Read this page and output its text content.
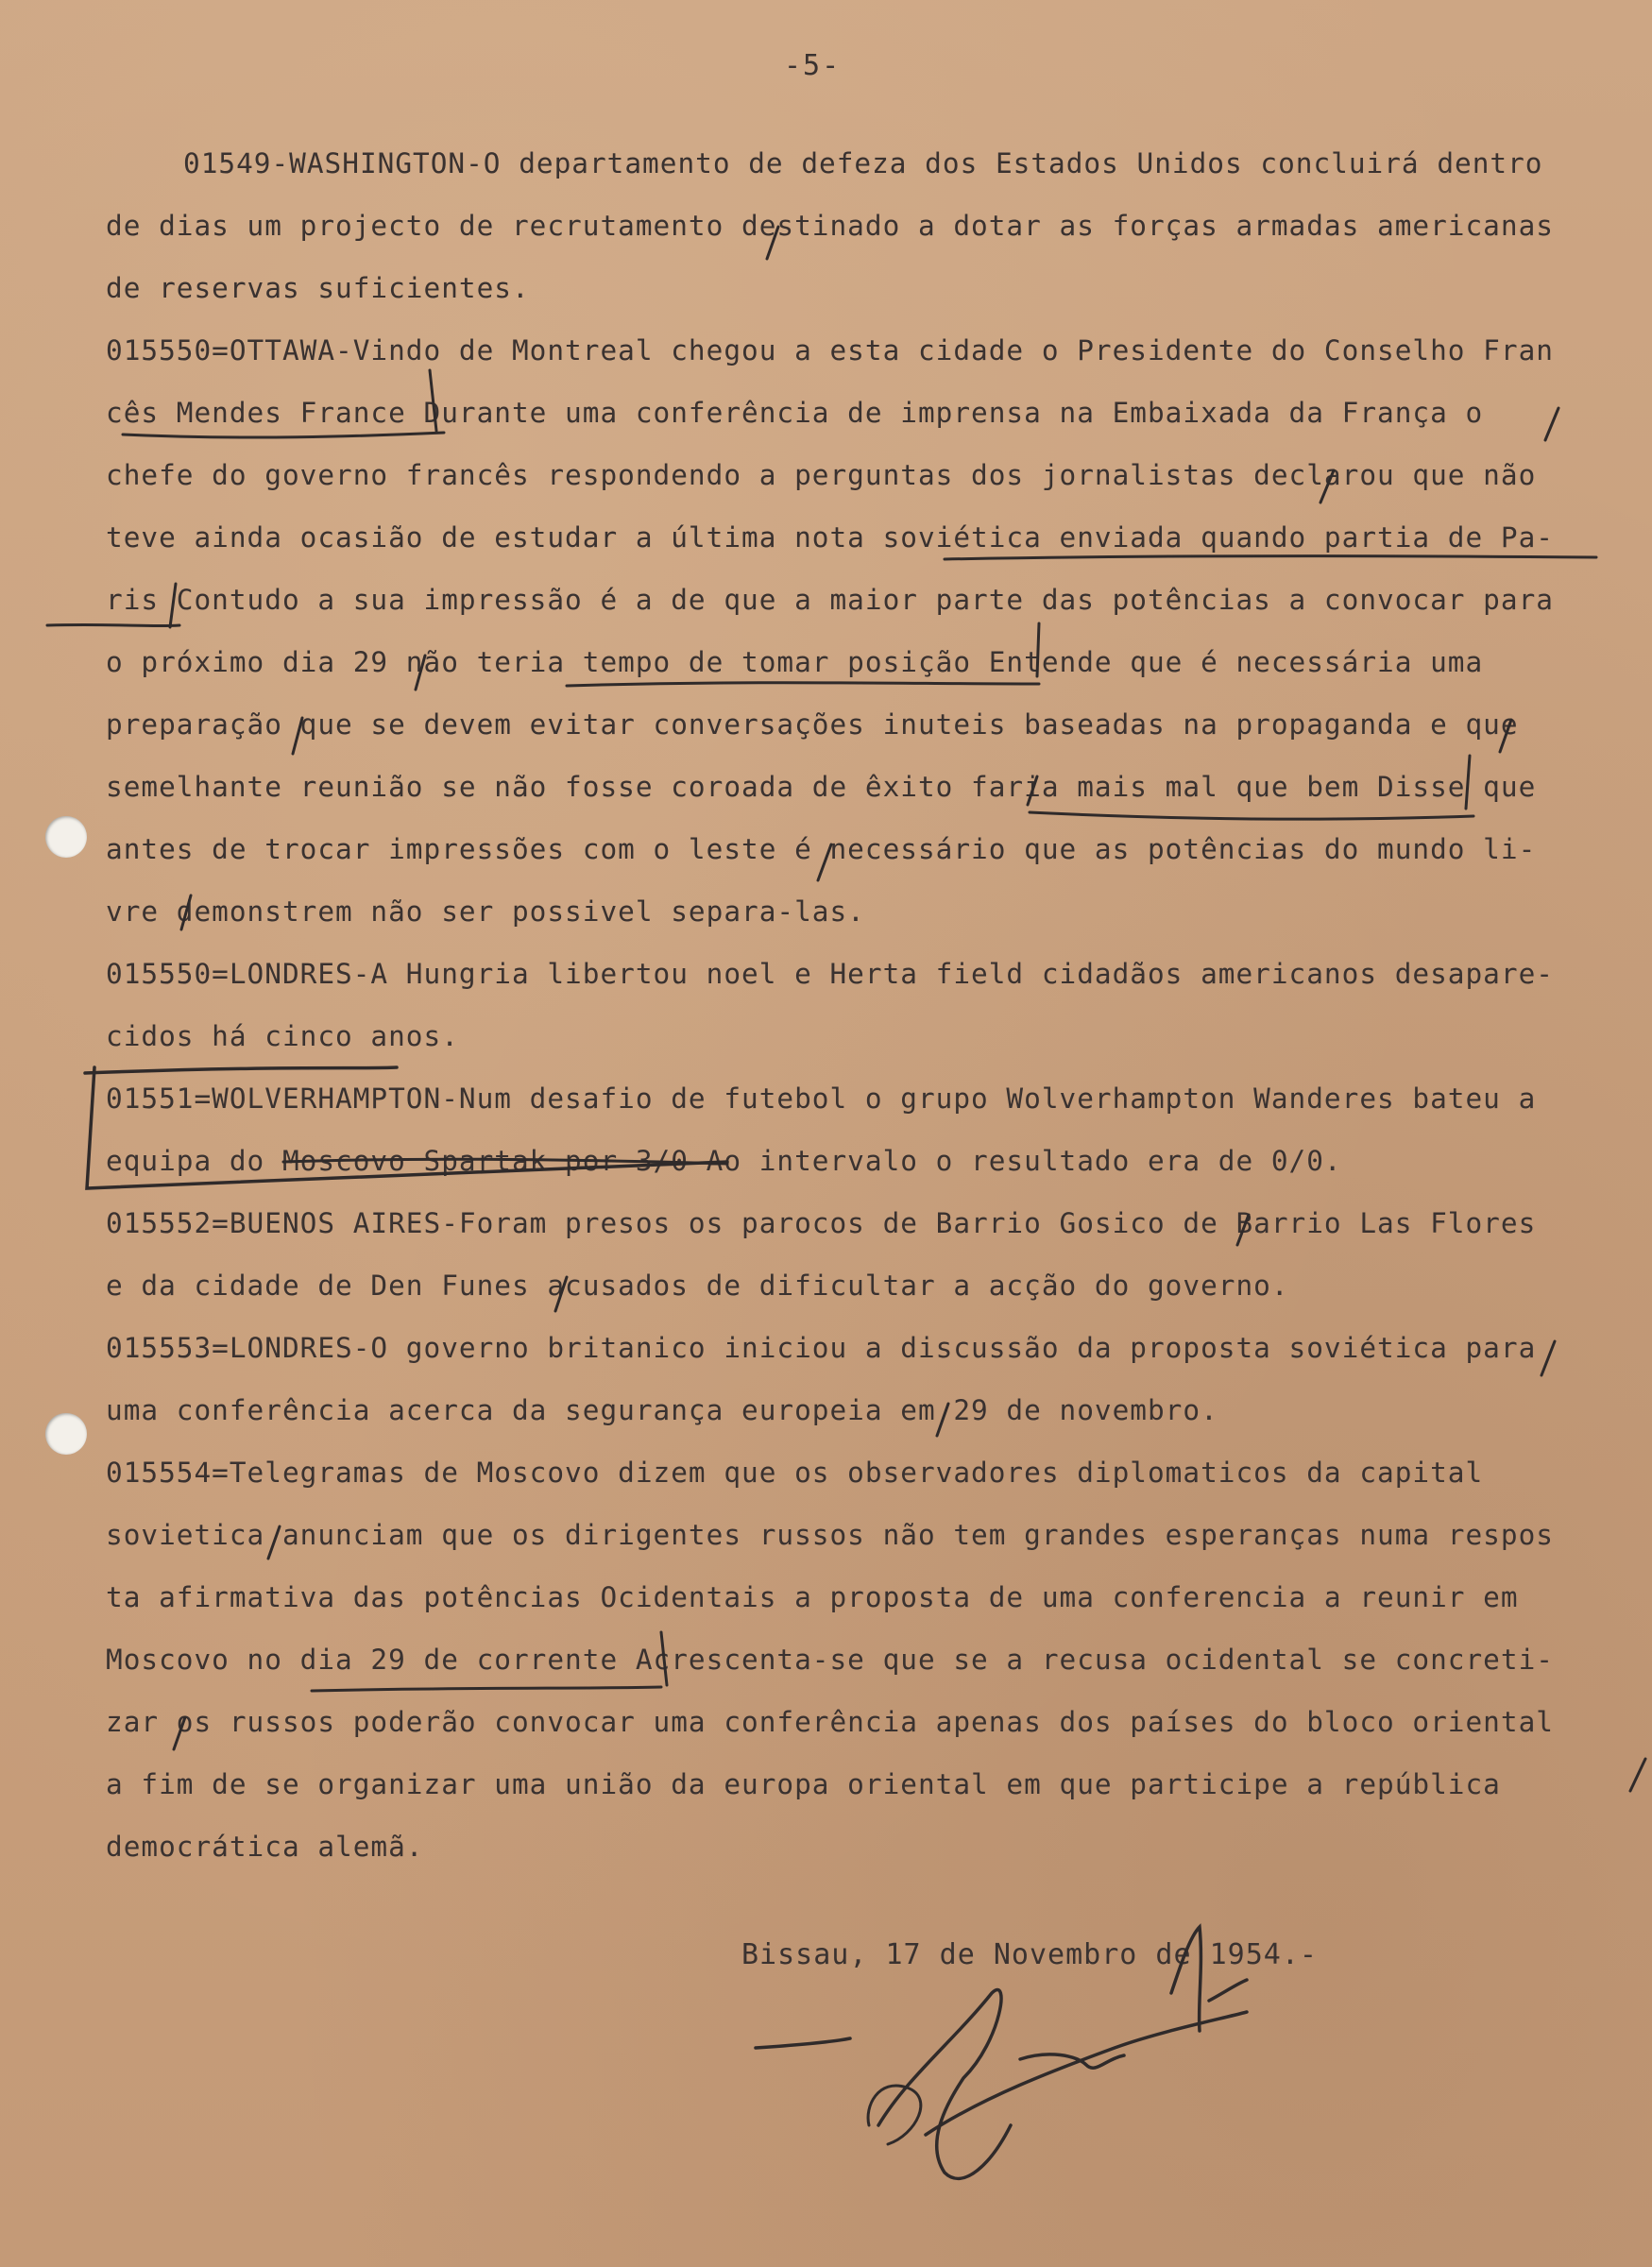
-5-
01549-WASHINGTON-O departamento de defeza dos Estados Unidos concluirá dentro
de dias um projecto de recrutamento destinado a dotar as forças armadas americanas
de reservas suficientes.
015550=OTTAWA-Vindo de Montreal chegou a esta cidade o Presidente do Conselho Fran
cês Mendes France Durante uma conferência de imprensa na Embaixada da França o
chefe do governo francês respondendo a perguntas dos jornalistas declarou que não
teve ainda ocasião de estudar a última nota soviética enviada quando partia de Pa-
ris Contudo a sua impressão é a de que a maior parte das potências a convocar para
o próximo dia 29 não teria tempo de tomar posição Entende que é necessária uma
preparação que se devem evitar conversações inuteis baseadas na propaganda e que
semelhante reunião se não fosse coroada de êxito faria mais mal que bem Disse que
antes de trocar impressões com o leste é necessário que as potências do mundo li-
vre demonstrem não ser possivel separa-las.
015550=LONDRES-A Hungria libertou noel e Herta field cidadãos americanos desapare-
cidos há cinco anos.
01551=WOLVERHAMPTON-Num desafio de futebol o grupo Wolverhampton Wanderes bateu a
equipa do Moscovo Spartak por 3/0 Ao intervalo o resultado era de 0/0.
015552=BUENOS AIRES-Foram presos os parocos de Barrio Gosico de Barrio Las Flores
e da cidade de Den Funes acusados de dificultar a acção do governo.
015553=LONDRES-O governo britanico iniciou a discussão da proposta soviética para
uma conferência acerca da segurança europeia em 29 de novembro.
015554=Telegramas de Moscovo dizem que os observadores diplomaticos da capital
sovietica anunciam que os dirigentes russos não tem grandes esperanças numa respos
ta afirmativa das potências Ocidentais a proposta de uma conferencia a reunir em
Moscovo no dia 29 de corrente Acrescenta-se que se a recusa ocidental se concreti-
zar os russos poderão convocar uma conferência apenas dos países do bloco oriental
a fim de se organizar uma união da europa oriental em que participe a república
democrática alemã.
Bissau, 17 de Novembro de 1954.-
